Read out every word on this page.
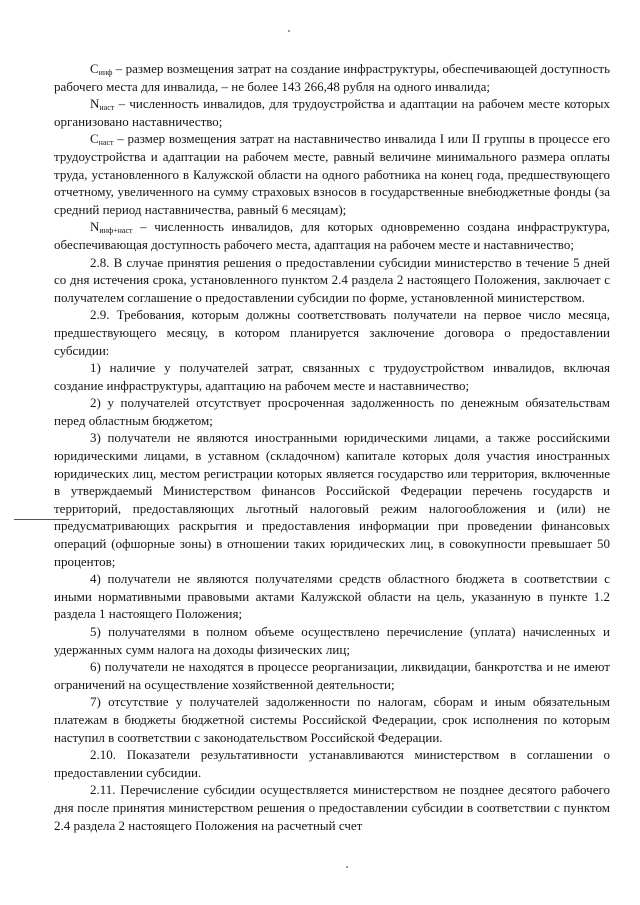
$C_{инф}$ – размер возмещения затрат на создание инфраструктуры, обеспечивающей доступность рабочего места для инвалида, – не более 143 266,48 рубля на одного инвалида;

$N_{наст}$ – численность инвалидов, для трудоустройства и адаптации на рабочем месте которых организовано наставничество;

$C_{наст}$ – размер возмещения затрат на наставничество инвалида I или II группы в процессе его трудоустройства и адаптации на рабочем месте, равный величине минимального размера оплаты труда, установленного в Калужской области на одного работника на конец года, предшествующего отчетному, увеличенного на сумму страховых взносов в государственные внебюджетные фонды (за средний период наставничества, равный 6 месяцам);

$N_{инф+наст}$ – численность инвалидов, для которых одновременно создана инфраструктура, обеспечивающая доступность рабочего места, адаптация на рабочем месте и наставничество;

2.8. В случае принятия решения о предоставлении субсидии министерство в течение 5 дней со дня истечения срока, установленного пунктом 2.4 раздела 2 настоящего Положения, заключает с получателем соглашение о предоставлении субсидии по форме, установленной министерством.

2.9. Требования, которым должны соответствовать получатели на первое число месяца, предшествующего месяцу, в котором планируется заключение договора о предоставлении субсидии:

1) наличие у получателей затрат, связанных с трудоустройством инвалидов, включая создание инфраструктуры, адаптацию на рабочем месте и наставничество;

2) у получателей отсутствует просроченная задолженность по денежным обязательствам перед областным бюджетом;

3) получатели не являются иностранными юридическими лицами, а также российскими юридическими лицами, в уставном (складочном) капитале которых доля участия иностранных юридических лиц, местом регистрации которых является государство или территория, включенные в утверждаемый Министерством финансов Российской Федерации перечень государств и территорий, предоставляющих льготный налоговый режим налогообложения и (или) не предусматривающих раскрытия и предоставления информации при проведении финансовых операций (офшорные зоны) в отношении таких юридических лиц, в совокупности превышает 50 процентов;

4) получатели не являются получателями средств областного бюджета в соответствии с иными нормативными правовыми актами Калужской области на цель, указанную в пункте 1.2 раздела 1 настоящего Положения;

5) получателями в полном объеме осуществлено перечисление (уплата) начисленных и удержанных сумм налога на доходы физических лиц;

6) получатели не находятся в процессе реорганизации, ликвидации, банкротства и не имеют ограничений на осуществление хозяйственной деятельности;

7) отсутствие у получателей задолженности по налогам, сборам и иным обязательным платежам в бюджеты бюджетной системы Российской Федерации, срок исполнения по которым наступил в соответствии с законодательством Российской Федерации.

2.10. Показатели результативности устанавливаются министерством в соглашении о предоставлении субсидии.

2.11. Перечисление субсидии осуществляется министерством не позднее десятого рабочего дня после принятия министерством решения о предоставлении субсидии в соответствии с пунктом 2.4 раздела 2 настоящего Положения на расчетный счет
